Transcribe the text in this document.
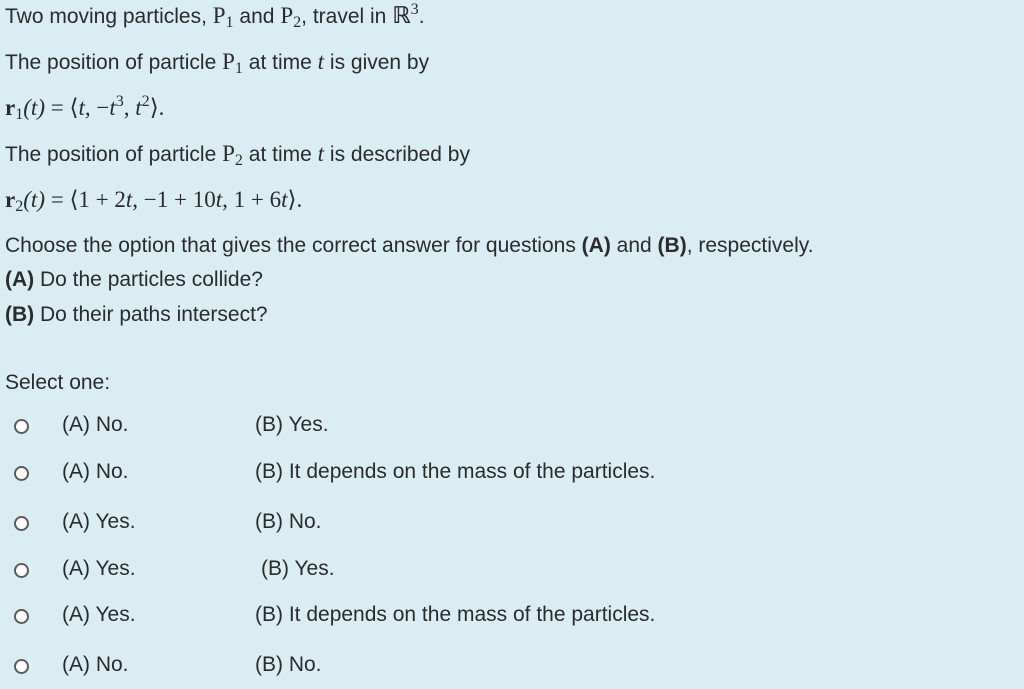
Two moving particles, $P_1$ and $P_2$, travel in ℝ$^3$.
The position of particle $P_1$ at time t is given by
$r_1(t)$ = ⟨t, $-t^3$, $t^2⟩$.
The position of particle $P_2$ at time t is described by
$r_2(t)$ = ⟨1 + 2t, −1 + 10t, 1 + 6t⟩.
Choose the option that gives the correct answer for questions (A) and (B), respectively.
(A) Do the particles collide?
(B) Do their paths intersect?
Select one:
(A) No.	(B) Yes.
(A) No.	(B) It depends on the mass of the particles.
(A) Yes.	(B) No.
(A) Yes.	(B) Yes.
(A) Yes.	(B) It depends on the mass of the particles.
(A) No.	(B) No.
